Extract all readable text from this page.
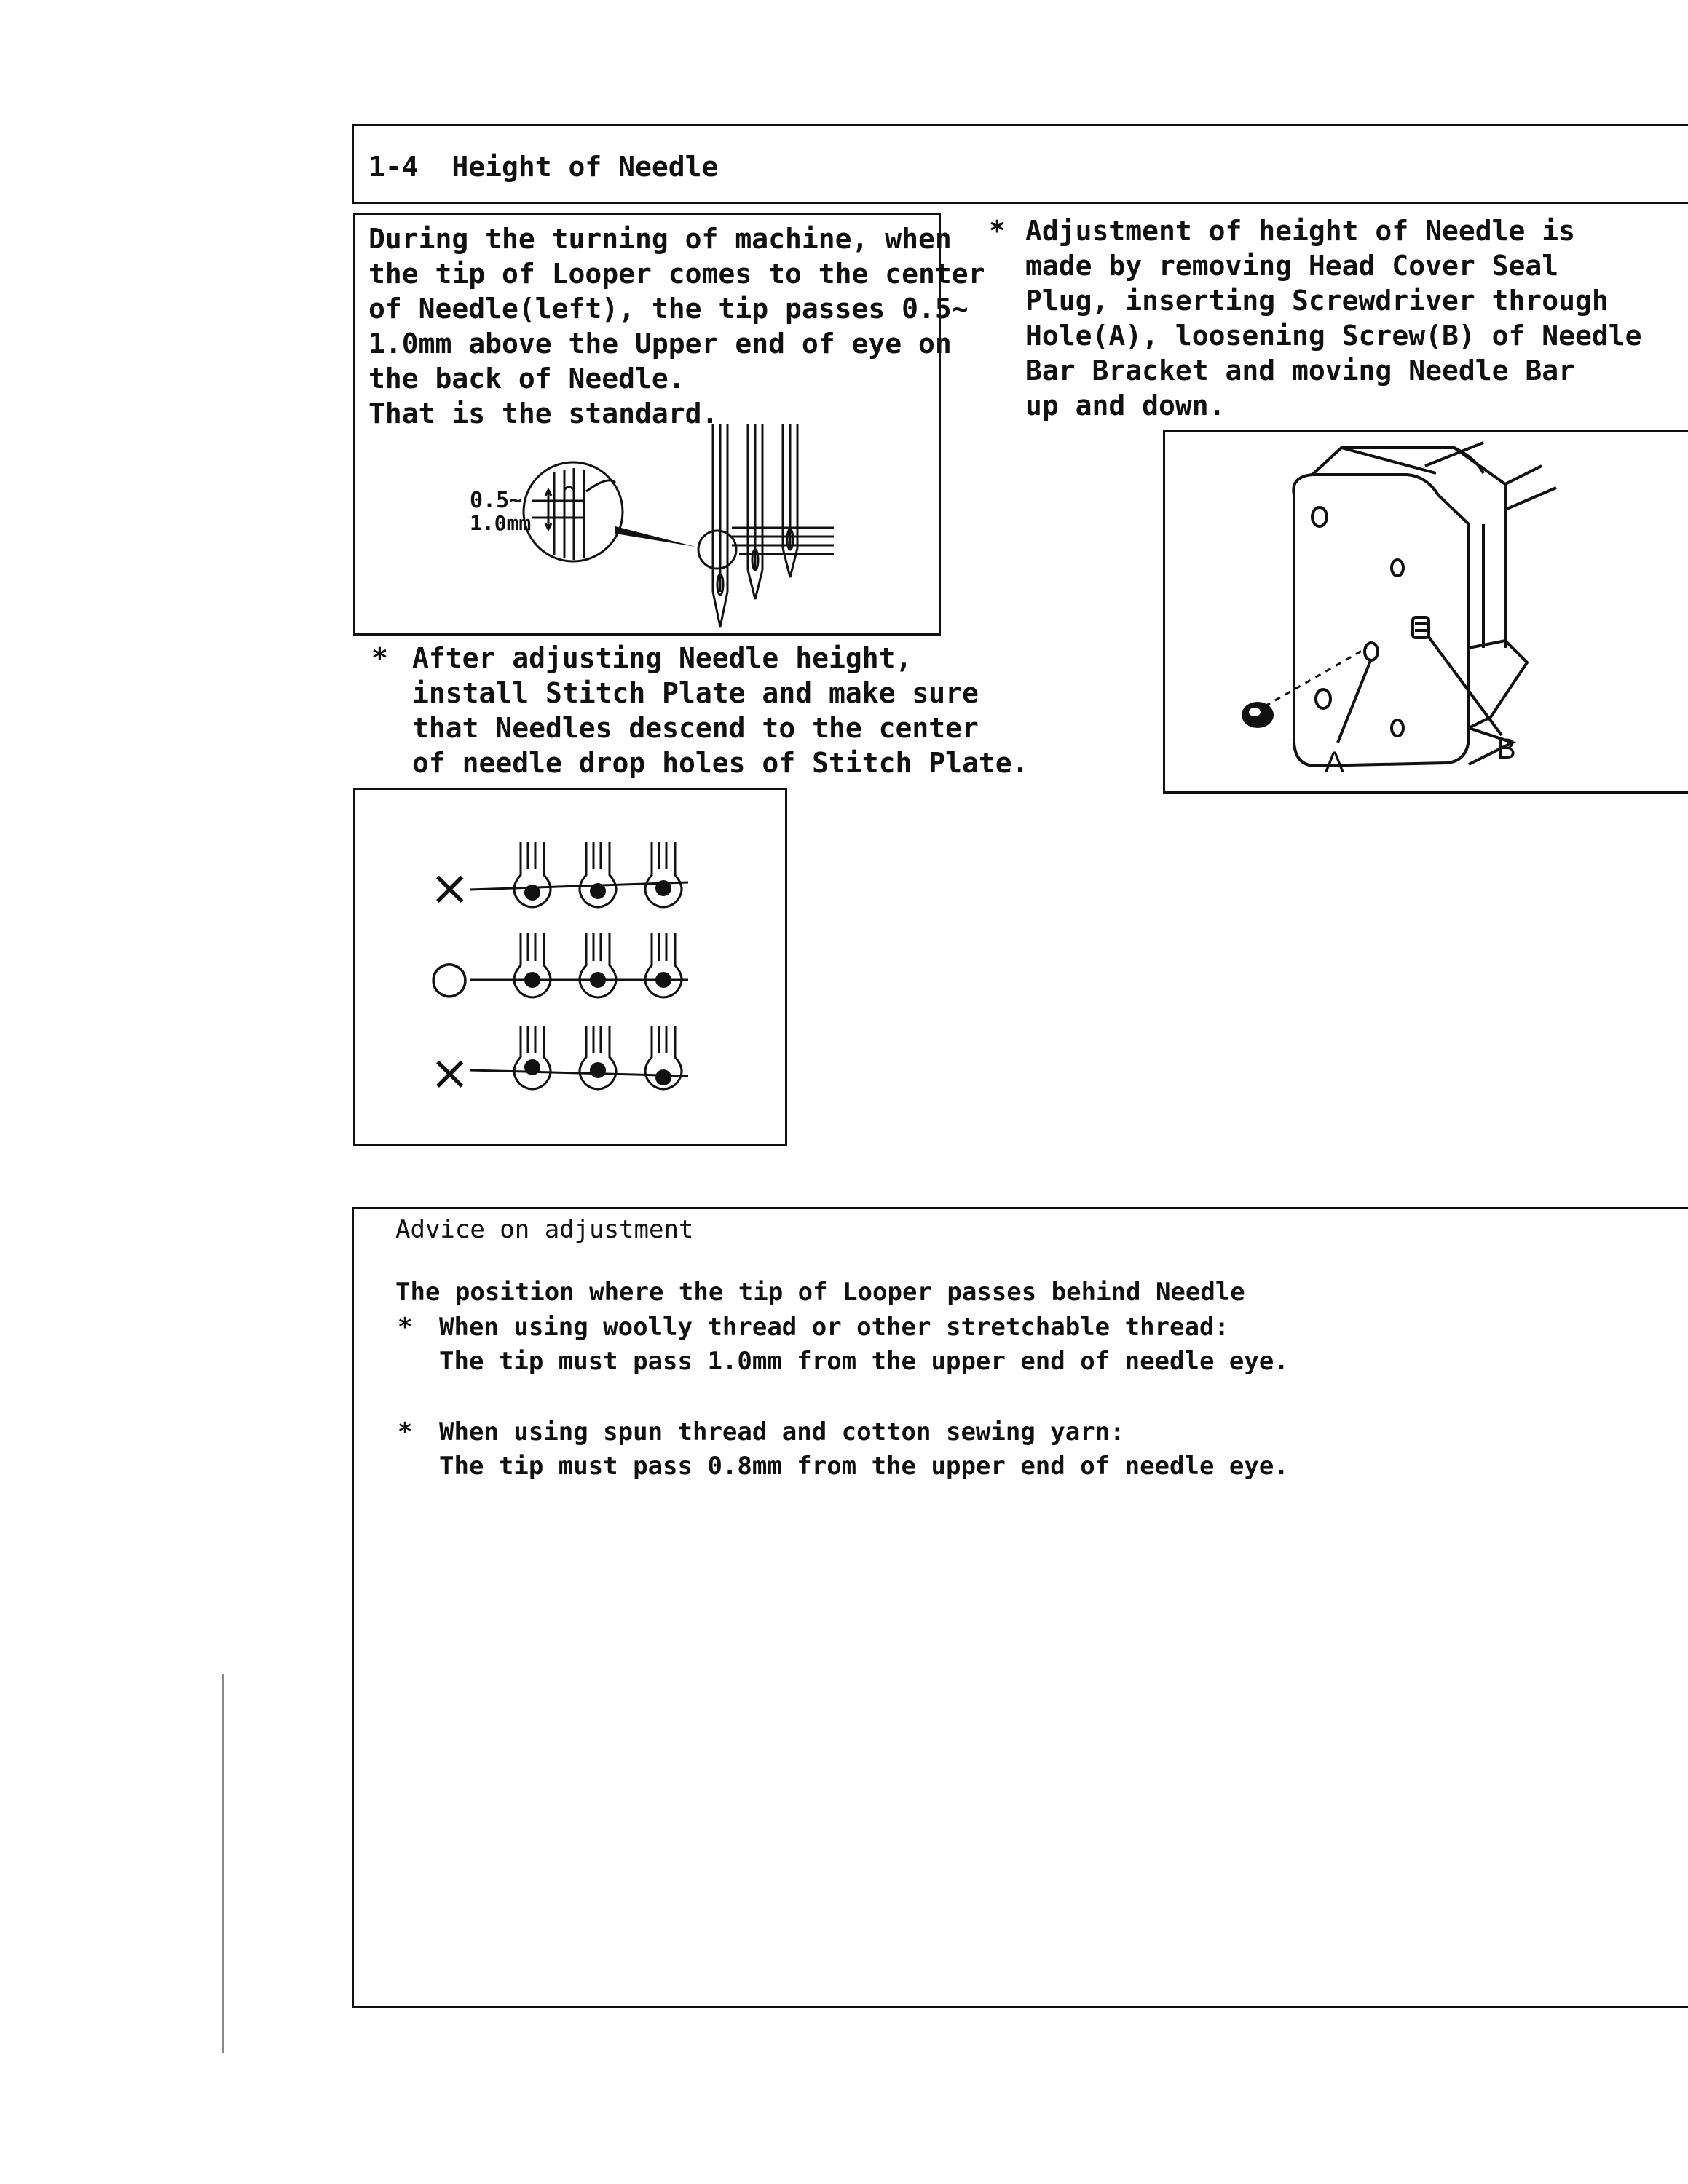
1-4  Height of Needle
During the turning of machine, when
the tip of Looper comes to the center
of Needle(left), the tip passes 0.5~
1.0mm above the Upper end of eye on
the back of Needle.
That is the standard.
0.5~
1.0mm
* Adjustment of height of Needle is
made by removing Head Cover Seal
Plug, inserting Screwdriver through
Hole(A), loosening Screw(B) of Needle
Bar Bracket and moving Needle Bar
up and down.
A	B
* After adjusting Needle height,
install Stitch Plate and make sure
that Needles descend to the center
of needle drop holes of Stitch Plate.
×
○
×
Advice on adjustment
The position where the tip of Looper passes behind Needle
* When using woolly thread or other stretchable thread:
The tip must pass 1.0mm from the upper end of needle eye.
* When using spun thread and cotton sewing yarn:
The tip must pass 0.8mm from the upper end of needle eye.
